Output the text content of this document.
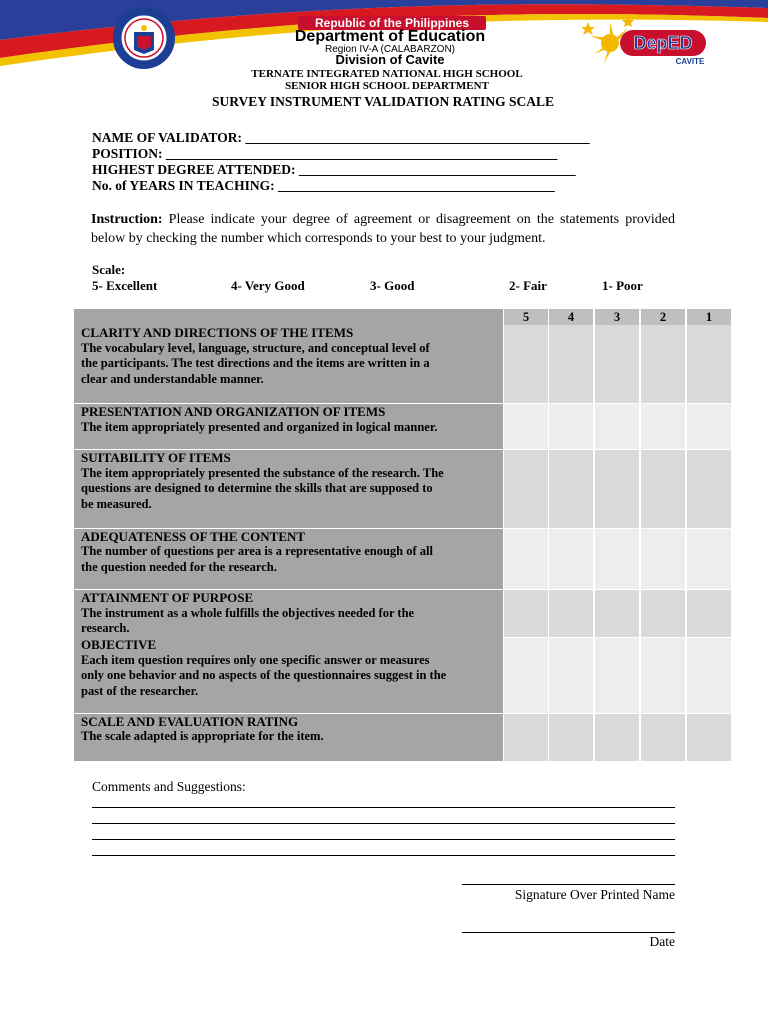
DepED
CAVITE
Republic of the Philippines
Department of Education
Region IV-A (CALABARZON)
Division of Cavite
TERNATE INTEGRATED NATIONAL HIGH SCHOOL
SENIOR HIGH SCHOOL DEPARTMENT
SURVEY INSTRUMENT VALIDATION RATING SCALE
NAME OF VALIDATOR: ___________________________________________________
POSITION: __________________________________________________________
HIGHEST DEGREE ATTENDED: _________________________________________
No. of YEARS IN TEACHING: _________________________________________
Instruction: Please indicate your degree of agreement or disagreement on the statements provided below by checking the number which corresponds to your best to your judgment.
Scale:
5- Excellent	4- Very Good	3- Good	2- Fair	1- Poor
5	4	3	2	1
CLARITY AND DIRECTIONS OF THE ITEMS
The vocabulary level, language, structure, and conceptual level of
the participants. The test directions and the items are written in a
clear and understandable manner.
PRESENTATION AND ORGANIZATION OF ITEMS
The item appropriately presented and organized in logical manner.
SUITABILITY OF ITEMS
The item appropriately presented the substance of the research. The
questions are designed to determine the skills that are supposed to
be measured.
ADEQUATENESS OF THE CONTENT
The number of questions per area is a representative enough of all
the question needed for the research.
ATTAINMENT OF PURPOSE
The instrument as a whole fulfills the objectives needed for the
research.
OBJECTIVE
Each item question requires only one specific answer or measures
only one behavior and no aspects of the questionnaires suggest in the
past of the researcher.
SCALE AND EVALUATION RATING
The scale adapted is appropriate for the item.
Comments and Suggestions:
Signature Over Printed Name
Date
